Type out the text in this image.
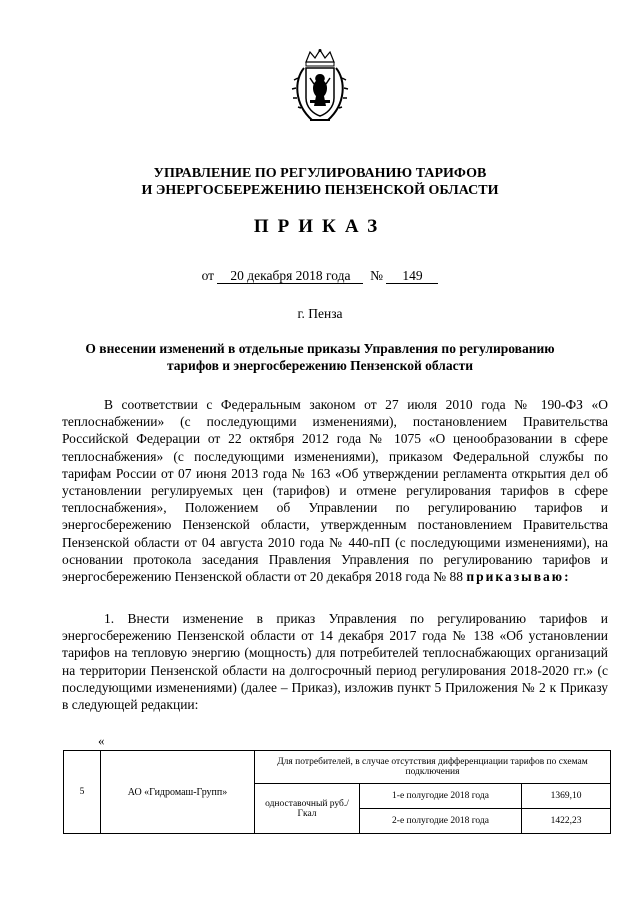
УПРАВЛЕНИЕ ПО РЕГУЛИРОВАНИЮ ТАРИФОВ
И ЭНЕРГОСБЕРЕЖЕНИЮ ПЕНЗЕНСКОЙ ОБЛАСТИ
ПРИКАЗ
от 20 декабря 2018 года № 149
г. Пенза
О внесении изменений в отдельные приказы Управления по регулированию тарифов и энергосбережению Пензенской области
В соответствии с Федеральным законом от 27 июля 2010 года № 190-ФЗ «О теплоснабжении» (с последующими изменениями), постановлением Правительства Российской Федерации от 22 октября 2012 года № 1075 «О ценообразовании в сфере теплоснабжения» (с последующими изменениями), приказом Федеральной службы по тарифам России от 07 июня 2013 года № 163 «Об утверждении регламента открытия дел об установлении регулируемых цен (тарифов) и отмене регулирования тарифов в сфере теплоснабжения», Положением об Управлении по регулированию тарифов и энергосбережению Пензенской области, утвержденным постановлением Правительства Пензенской области от 04 августа 2010 года № 440-пП (с последующими изменениями), на основании протокола заседания Правления Управления по регулированию тарифов и энергосбережению Пензенской области от 20 декабря 2018 года № 88 приказываю:
1. Внести изменение в приказ Управления по регулированию тарифов и энергосбережению Пензенской области от 14 декабря 2017 года № 138 «Об установлении тарифов на тепловую энергию (мощность) для потребителей теплоснабжающих организаций на территории Пензенской области на долгосрочный период регулирования 2018-2020 гг.» (с последующими изменениями) (далее – Приказ), изложив пункт 5 Приложения № 2 к Приказу в следующей редакции:
«
5	АО «Гидромаш-Групп»	Для потребителей, в случае отсутствия дифференциации тарифов по схемам подключения		
		одноставочный руб./Гкал	1-е полугодие 2018 года	1369,10
			2-е полугодие 2018 года	1422,23
